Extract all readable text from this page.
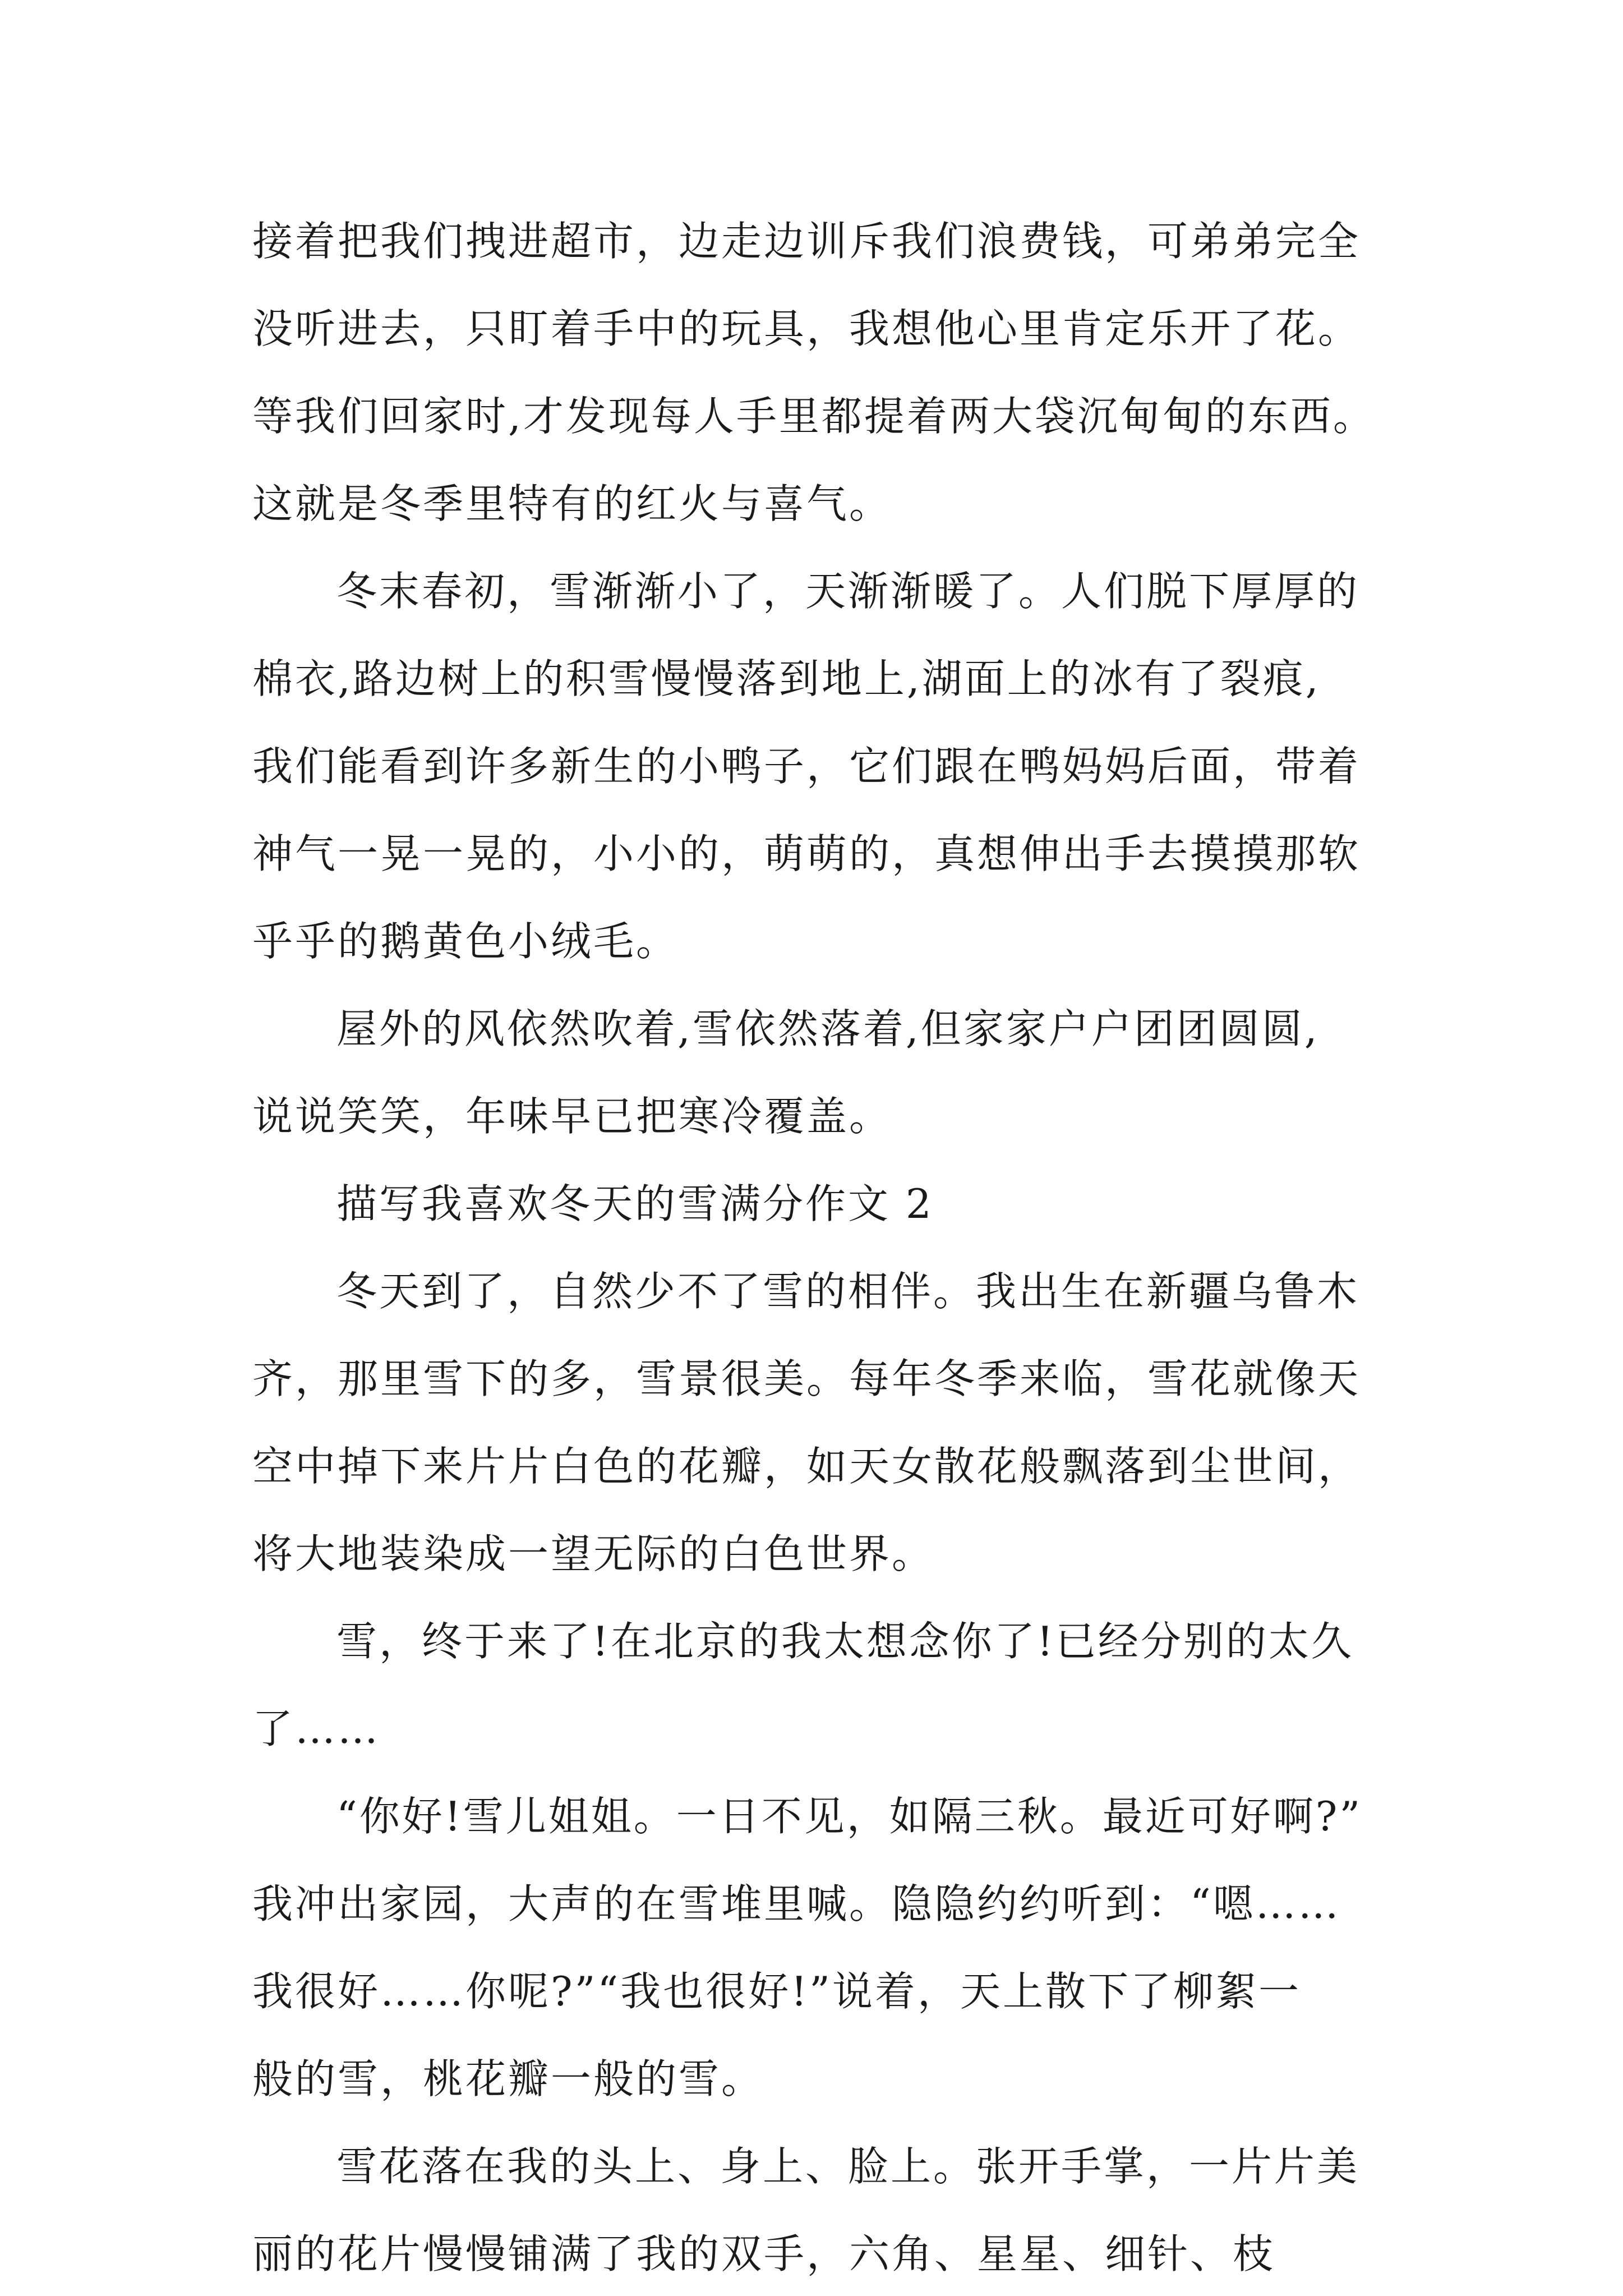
接着把我们拽进超市，边走边训斥我们浪费钱，可弟弟完全
没听进去，只盯着手中的玩具，我想他心里肯定乐开了花。
等我们回家时,才发现每人手里都提着两大袋沉甸甸的东西。
这就是冬季里特有的红火与喜气。
冬末春初，雪渐渐小了，天渐渐暖了。人们脱下厚厚的
棉衣,路边树上的积雪慢慢落到地上,湖面上的冰有了裂痕,
我们能看到许多新生的小鸭子，它们跟在鸭妈妈后面，带着
神气一晃一晃的，小小的，萌萌的，真想伸出手去摸摸那软
乎乎的鹅黄色小绒毛。
屋外的风依然吹着,雪依然落着,但家家户户团团圆圆,
说说笑笑，年味早已把寒冷覆盖。
描写我喜欢冬天的雪满分作文 2
冬天到了，自然少不了雪的相伴。我出生在新疆乌鲁木
齐，那里雪下的多，雪景很美。每年冬季来临，雪花就像天
空中掉下来片片白色的花瓣，如天女散花般飘落到尘世间，
将大地装染成一望无际的白色世界。
雪，终于来了!在北京的我太想念你了!已经分别的太久
了……
“你好!雪儿姐姐。一日不见，如隔三秋。最近可好啊?”
我冲出家园，大声的在雪堆里喊。隐隐约约听到：“嗯……
我很好……你呢?”“我也很好!”说着，天上散下了柳絮一
般的雪，桃花瓣一般的雪。
雪花落在我的头上、身上、脸上。张开手掌，一片片美
丽的花片慢慢铺满了我的双手，六角、星星、细针、枝
